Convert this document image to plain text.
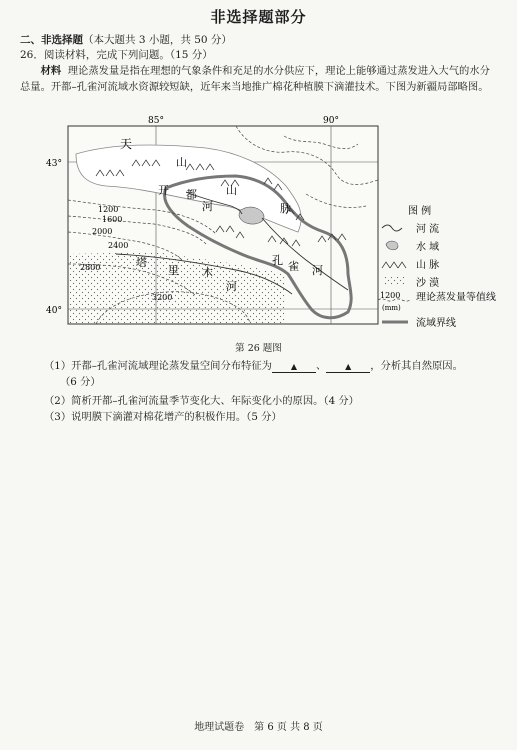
非选择题部分
二、非选择题（本大题共 3 小题，共 50 分）
26．阅读材料，完成下列问题。（15 分）
材料 理论蒸发量是指在理想的气象条件和充足的水分供应下，理论上能够通过蒸发进入大气的水分总量。开都–孔雀河流域水资源较短缺，近年来当地推广棉花种植膜下滴灌技术。下图为新疆局部略图。
1200
1600
2000
2400
2800
3200
85°	90°
43°
40°
天
山
开 都	山
河	脉
塔
里 木
河
孔 雀 河
图 例
河 流
水 域
山 脉
沙 漠
1200
(mm)
理论蒸发量等值线
流域界线
第 26 题图
（1）开都–孔雀河流域理论蒸发量空间分布特征为 ▲ 、 ▲ ，分析其自然原因。
（6 分）
（2）简析开都–孔雀河流量季节变化大、年际变化小的原因。（4 分）
（3）说明膜下滴灌对棉花增产的积极作用。（5 分）
地理试题卷　第 6 页 共 8 页
